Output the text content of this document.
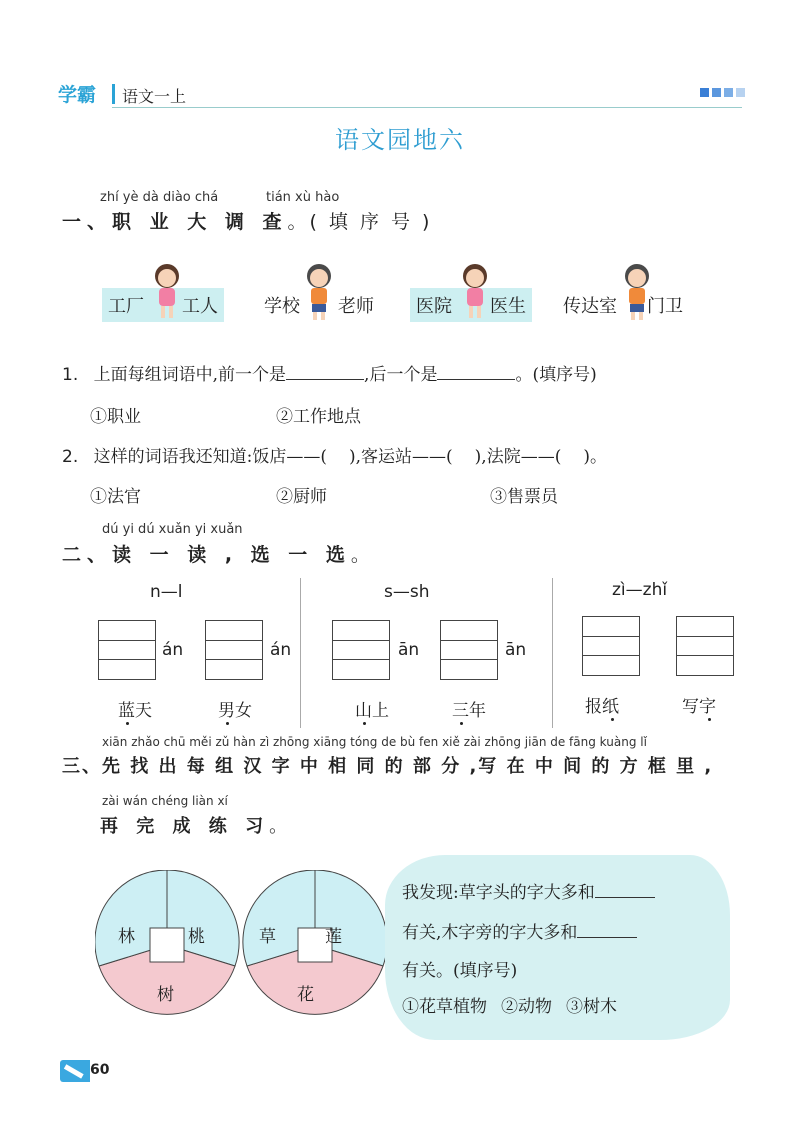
学霸 语文一上
语文园地六
zhí yè dà diào chá	tián xù hào
一、职 业 大 调 查。( 填 序 号 )
工厂 工人	学校 老师	医院 医生	传达室 门卫
1. 上面每组词语中,前一个是	,后一个是	。(填序号)
①职业	②工作地点
2. 这样的词语我还知道:饭店——( ),客运站——( ),法院——( )。
①法官	②厨师	③售票员
dú yi dú xuǎn yi xuǎn
二、读 一 读 , 选 一 选。
n—l
án	án
蓝天	男女
s—sh
ān	ān
山上	三年
zì—zhǐ
报纸	写字
xiān zhǎo chū měi zǔ hàn zì zhōng xiāng tóng de bù fen xiě zài zhōng jiān de fāng kuàng lǐ
三、先 找 出 每 组 汉 字 中 相 同 的 部 分 ,写 在 中 间 的 方 框 里 ,
zài wán chéng liàn xí
再 完 成 练 习。
林	桃
树
草	莲
花
我发现:草字头的字大多和
有关,木字旁的字大多和
有关。(填序号)
①花草植物 ②动物 ③树木
60
